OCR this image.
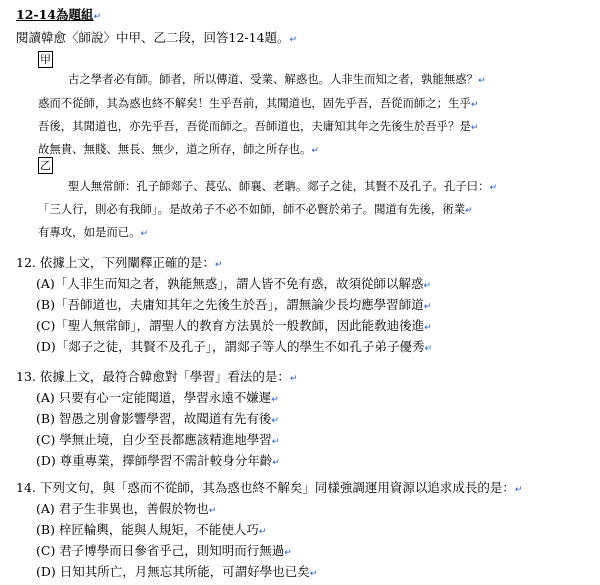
12-14為題組↵
閱讀韓愈〈師說〉中甲、乙二段，回答12-14題。↵
甲
古之學者必有師。師者，所以傳道、受業、解惑也。人非生而知之者，孰能無惑？↵
惑而不從師，其為惑也終不解矣！生乎吾前，其聞道也，固先乎吾，吾從而師之；生乎↵
吾後，其聞道也，亦先乎吾，吾從而師之。吾師道也，夫庸知其年之先後生於吾乎？是↵
故無貴、無賤、無長、無少，道之所存，師之所存也。↵
乙
聖人無常師：孔子師郯子、萇弘、師襄、老聃。郯子之徒，其賢不及孔子。孔子曰：↵
「三人行，則必有我師」。是故弟子不必不如師，師不必賢於弟子。聞道有先後，術業↵
有專攻，如是而已。↵
12. 依據上文，下列闡釋正確的是：↵
(A)「人非生而知之者，孰能無惑」，謂人皆不免有惑，故須從師以解惑↵
(B)「吾師道也，夫庸知其年之先後生於吾」，謂無論少長均應學習師道↵
(C)「聖人無常師」，謂聖人的教育方法異於一般教師，因此能敎迪後進↵
(D)「郯子之徒，其賢不及孔子」，謂郯子等人的學生不如孔子弟子優秀↵
13. 依據上文，最符合韓愈對「學習」看法的是：↵
(A) 只要有心一定能聞道，學習永遠不嫌遲↵
(B) 智愚之別會影響學習，故聞道有先有後↵
(C) 學無止境，自少至長都應該精進地學習↵
(D) 尊重專業，擇師學習不需計較身分年齡↵
14. 下列文句，與「惑而不從師，其為惑也終不解矣」同樣強調運用資源以追求成長的是：↵
(A) 君子生非異也，善假於物也↵
(B) 梓匠輪輿，能與人規矩，不能使人巧↵
(C) 君子博學而日參省乎己，則知明而行無過↵
(D) 日知其所亡，月無忘其所能，可謂好學也已矣↵
